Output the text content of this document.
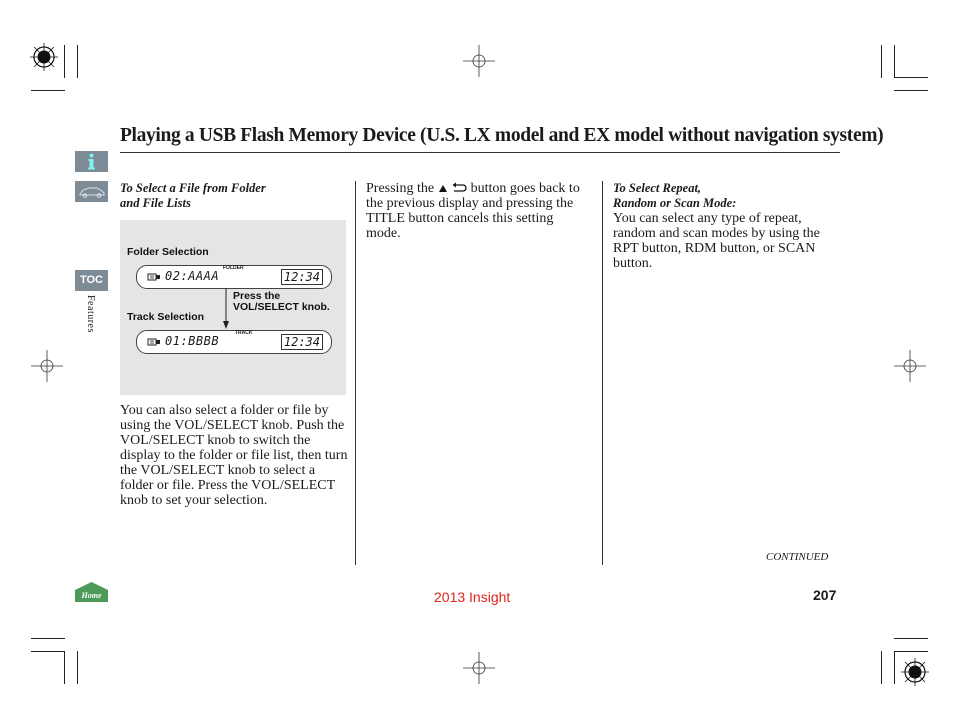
TOC
Features
Playing a USB Flash Memory Device (U.S. LX model and EX model without navigation system)
To Select a File from Folder
and File Lists
Folder Selection
FOLDER
02:AAAA	12:34
Press the
VOL/SELECT knob.
Track Selection
TRACK
01:BBBB	12:34
You can also select a folder or file by using the VOL/SELECT knob. Push the VOL/SELECT knob to switch the display to the folder or file list, then turn the VOL/SELECT knob to select a folder or file. Press the VOL/SELECT knob to set your selection.
Pressing the	button goes back to the previous display and pressing the TITLE button cancels this setting mode.
To Select Repeat,
Random or Scan Mode:
You can select any type of repeat, random and scan modes by using the RPT button, RDM button, or SCAN button.
CONTINUED
Home	2013 Insight	207
